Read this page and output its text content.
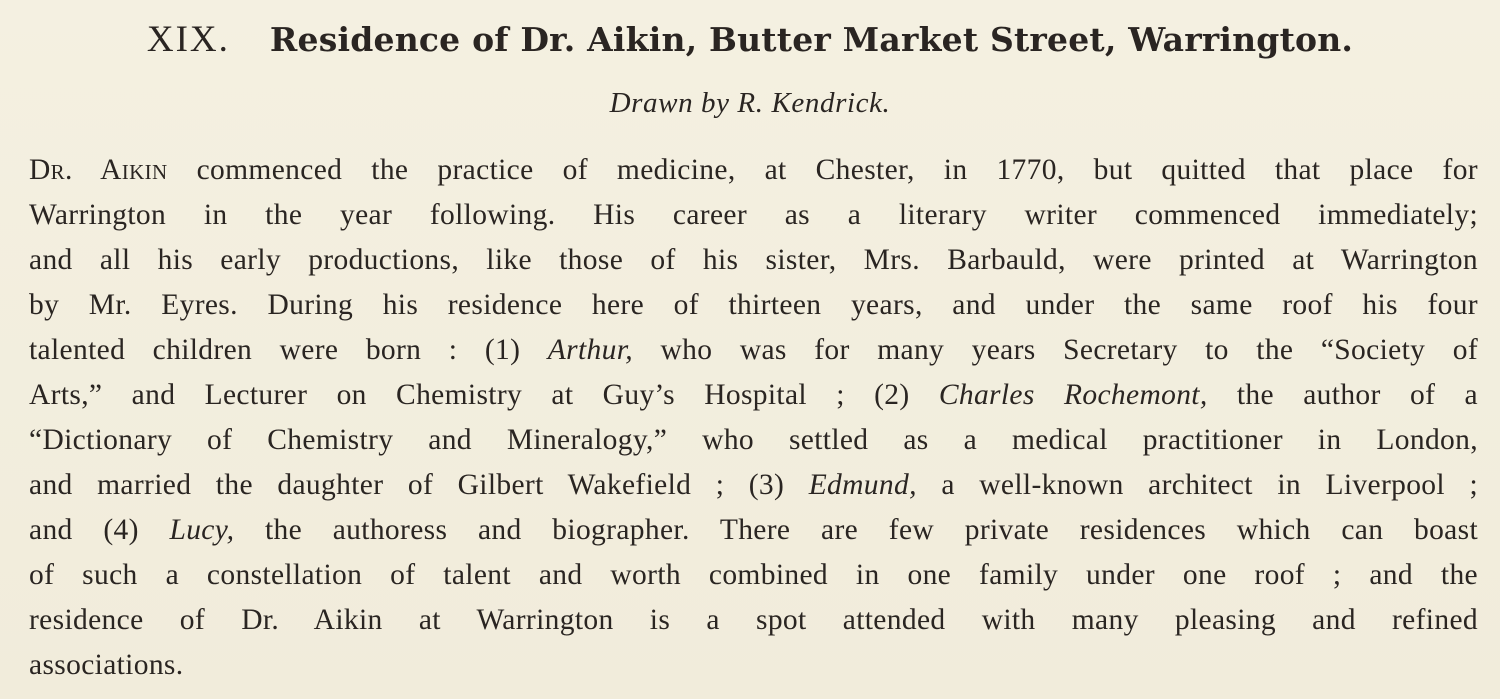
XIX. Residence of Dr. Aikin, Butter Market Street, Warrington.
Drawn by R. Kendrick.
Dr. Aikin commenced the practice of medicine, at Chester, in 1770, but quitted that place for
Warrington in the year following. His career as a literary writer commenced immediately;
and all his early productions, like those of his sister, Mrs. Barbauld, were printed at Warrington
by Mr. Eyres. During his residence here of thirteen years, and under the same roof his four
talented children were born : (1) Arthur, who was for many years Secretary to the “Society of
Arts,” and Lecturer on Chemistry at Guy’s Hospital ; (2) Charles Rochemont, the author of a
“Dictionary of Chemistry and Mineralogy,” who settled as a medical practitioner in London,
and married the daughter of Gilbert Wakefield ; (3) Edmund, a well-known architect in Liverpool ;
and (4) Lucy, the authoress and biographer. There are few private residences which can boast
of such a constellation of talent and worth combined in one family under one roof ; and the
residence of Dr. Aikin at Warrington is a spot attended with many pleasing and refined
associations.
